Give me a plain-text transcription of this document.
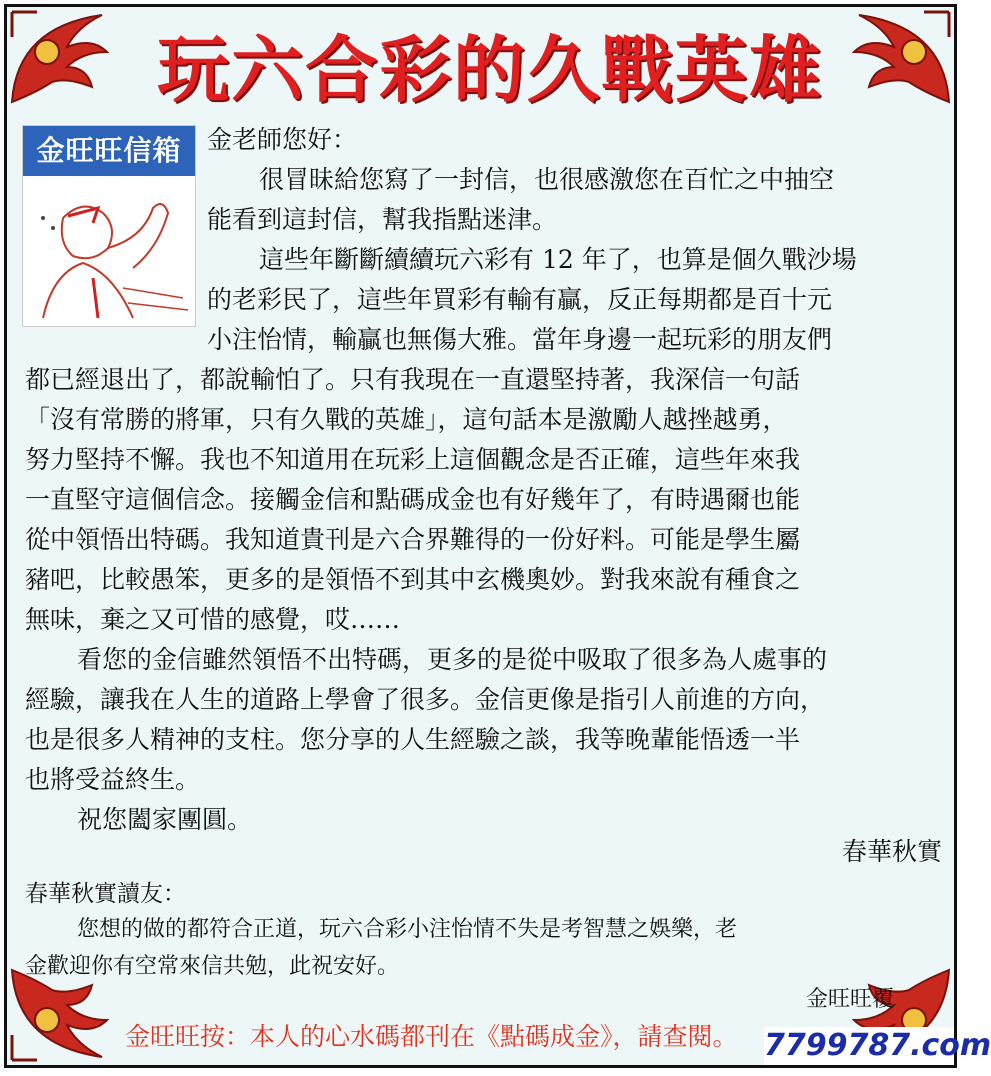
玩六合彩的久戰英雄
金旺旺信箱	金老師您好：
很冒昧給您寫了一封信，也很感激您在百忙之中抽空
能看到這封信，幫我指點迷津。
這些年斷斷續續玩六彩有 12 年了，也算是個久戰沙場
的老彩民了，這些年買彩有輸有贏，反正每期都是百十元
小注怡情，輸贏也無傷大雅。當年身邊一起玩彩的朋友們
都已經退出了，都說輸怕了。只有我現在一直還堅持著，我深信一句話
「沒有常勝的將軍，只有久戰的英雄」，這句話本是激勵人越挫越勇，
努力堅持不懈。我也不知道用在玩彩上這個觀念是否正確，這些年來我
一直堅守這個信念。接觸金信和點碼成金也有好幾年了，有時遇爾也能
從中領悟出特碼。我知道貴刊是六合界難得的一份好料。可能是學生屬
豬吧，比較愚笨，更多的是領悟不到其中玄機奧妙。對我來說有種食之
無味，棄之又可惜的感覺，哎……
看您的金信雖然領悟不出特碼，更多的是從中吸取了很多為人處事的
經驗，讓我在人生的道路上學會了很多。金信更像是指引人前進的方向，
也是很多人精神的支柱。您分享的人生經驗之談，我等晚輩能悟透一半
也將受益終生。
祝您闔家團圓。
春華秋實
春華秋實讀友：
您想的做的都符合正道，玩六合彩小注怡情不失是考智慧之娛樂，老
金歡迎你有空常來信共勉，此祝安好。
金旺旺覆
金旺旺按：本人的心水碼都刊在《點碼成金》，請查閱。 7799787.com
